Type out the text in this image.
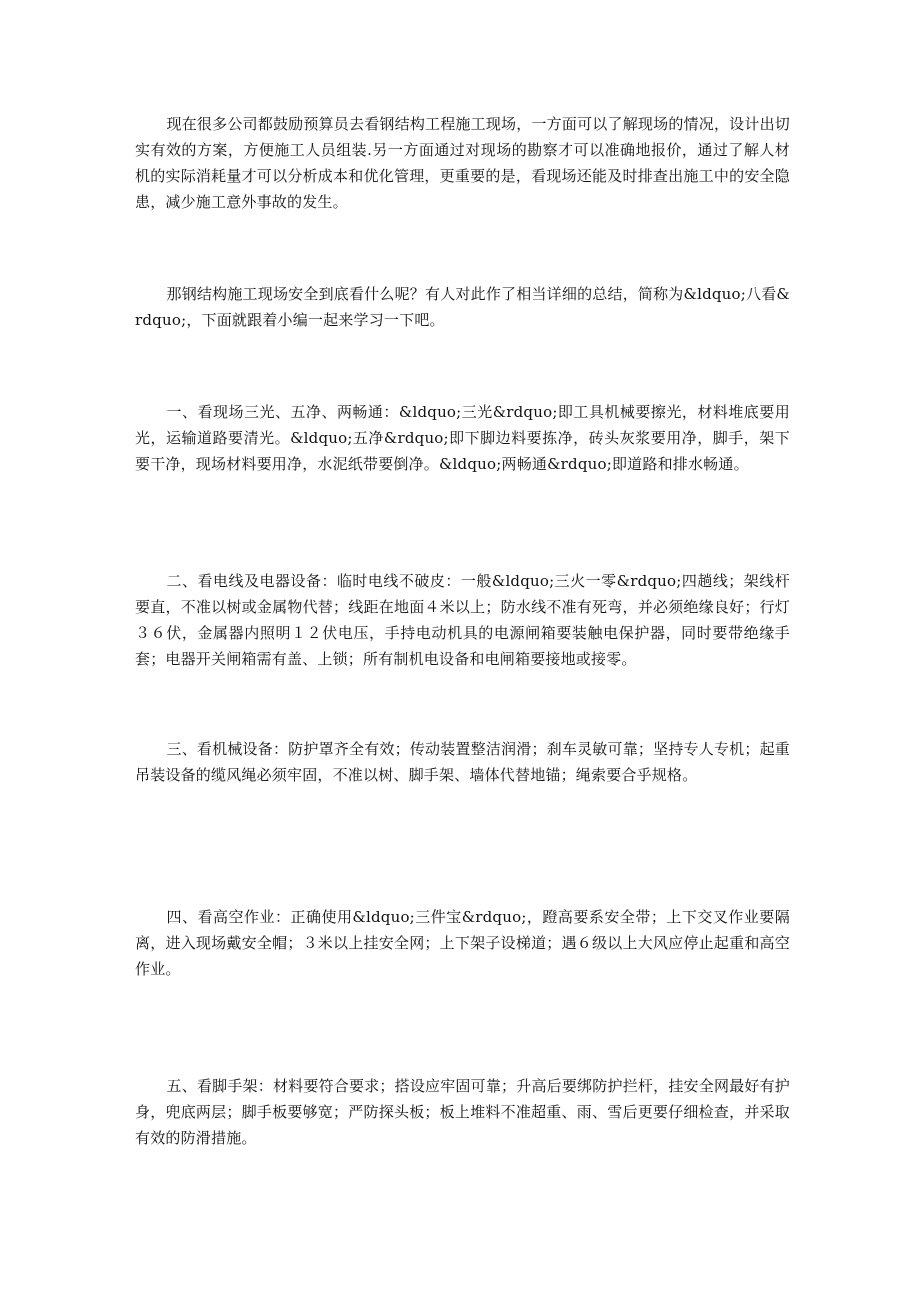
现在很多公司都鼓励预算员去看钢结构工程施工现场，一方面可以了解现场的情况，设计出切实有效的方案，方便施工人员组装.另一方面通过对现场的勘察才可以准确地报价，通过了解人材机的实际消耗量才可以分析成本和优化管理，更重要的是，看现场还能及时排查出施工中的安全隐患，减少施工意外事故的发生。

那钢结构施工现场安全到底看什么呢？有人对此作了相当详细的总结，简称为&ldquo;八看&rdquo;，下面就跟着小编一起来学习一下吧。

一、看现场三光、五净、两畅通：&ldquo;三光&rdquo;即工具机械要擦光，材料堆底要用光，运输道路要清光。&ldquo;五净&rdquo;即下脚边料要拣净，砖头灰浆要用净，脚手，架下要干净，现场材料要用净，水泥纸带要倒净。&ldquo;两畅通&rdquo;即道路和排水畅通。

二、看电线及电器设备：临时电线不破皮：一般&ldquo;三火一零&rdquo;四趟线；架线杆要直，不准以树或金属物代替；线距在地面４米以上；防水线不准有死弯，并必须绝缘良好；行灯３６伏，金属器内照明１２伏电压，手持电动机具的电源闸箱要装触电保护器，同时要带绝缘手套；电器开关闸箱需有盖、上锁；所有制机电设备和电闸箱要接地或接零。

三、看机械设备：防护罩齐全有效；传动装置整洁润滑；刹车灵敏可靠；坚持专人专机；起重吊装设备的缆风绳必须牢固，不准以树、脚手架、墙体代替地锚；绳索要合乎规格。

四、看高空作业：正确使用&ldquo;三件宝&rdquo;，蹬高要系安全带；上下交叉作业要隔离，进入现场戴安全帽；３米以上挂安全网；上下架子设梯道；遇６级以上大风应停止起重和高空作业。

五、看脚手架：材料要符合要求；搭设应牢固可靠；升高后要绑防护拦杆，挂安全网最好有护身，兜底两层；脚手板要够宽；严防探头板；板上堆料不准超重、雨、雪后更要仔细检查，并采取有效的防滑措施。
